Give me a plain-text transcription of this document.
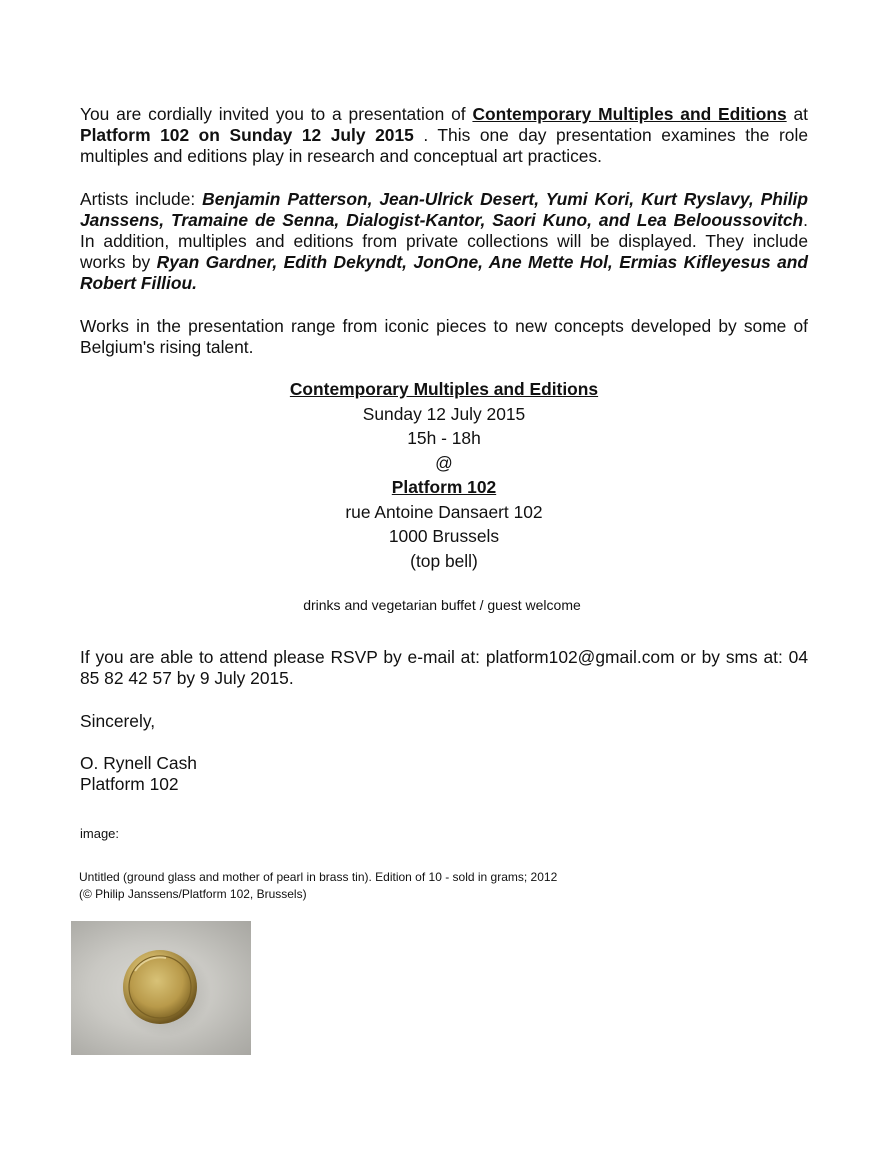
You are cordially invited you to a presentation of Contemporary Multiples and Editions at Platform 102 on Sunday 12 July 2015 . This one day presentation examines the role multiples and editions play in research and conceptual art practices.
Artists include: Benjamin Patterson, Jean-Ulrick Desert, Yumi Kori, Kurt Ryslavy, Philip Janssens, Tramaine de Senna, Dialogist-Kantor, Saori Kuno, and Lea Belooussovitch. In addition, multiples and editions from private collections will be displayed. They include works by Ryan Gardner, Edith Dekyndt, JonOne, Ane Mette Hol, Ermias Kifleyesus and Robert Filliou.
Works in the presentation range from iconic pieces to new concepts developed by some of Belgium's rising talent.
Contemporary Multiples and Editions
Sunday 12 July 2015
15h - 18h
@
Platform 102
rue Antoine Dansaert 102
1000 Brussels
(top bell)
drinks and vegetarian buffet / guest welcome
If you are able to attend please RSVP by e-mail at: platform102@gmail.com or by sms at: 04 85 82 42 57 by 9 July 2015.
Sincerely,
O. Rynell Cash
Platform 102
image:
Untitled (ground glass and mother of pearl in brass tin). Edition of 10 - sold in grams; 2012
(© Philip Janssens/Platform 102, Brussels)
